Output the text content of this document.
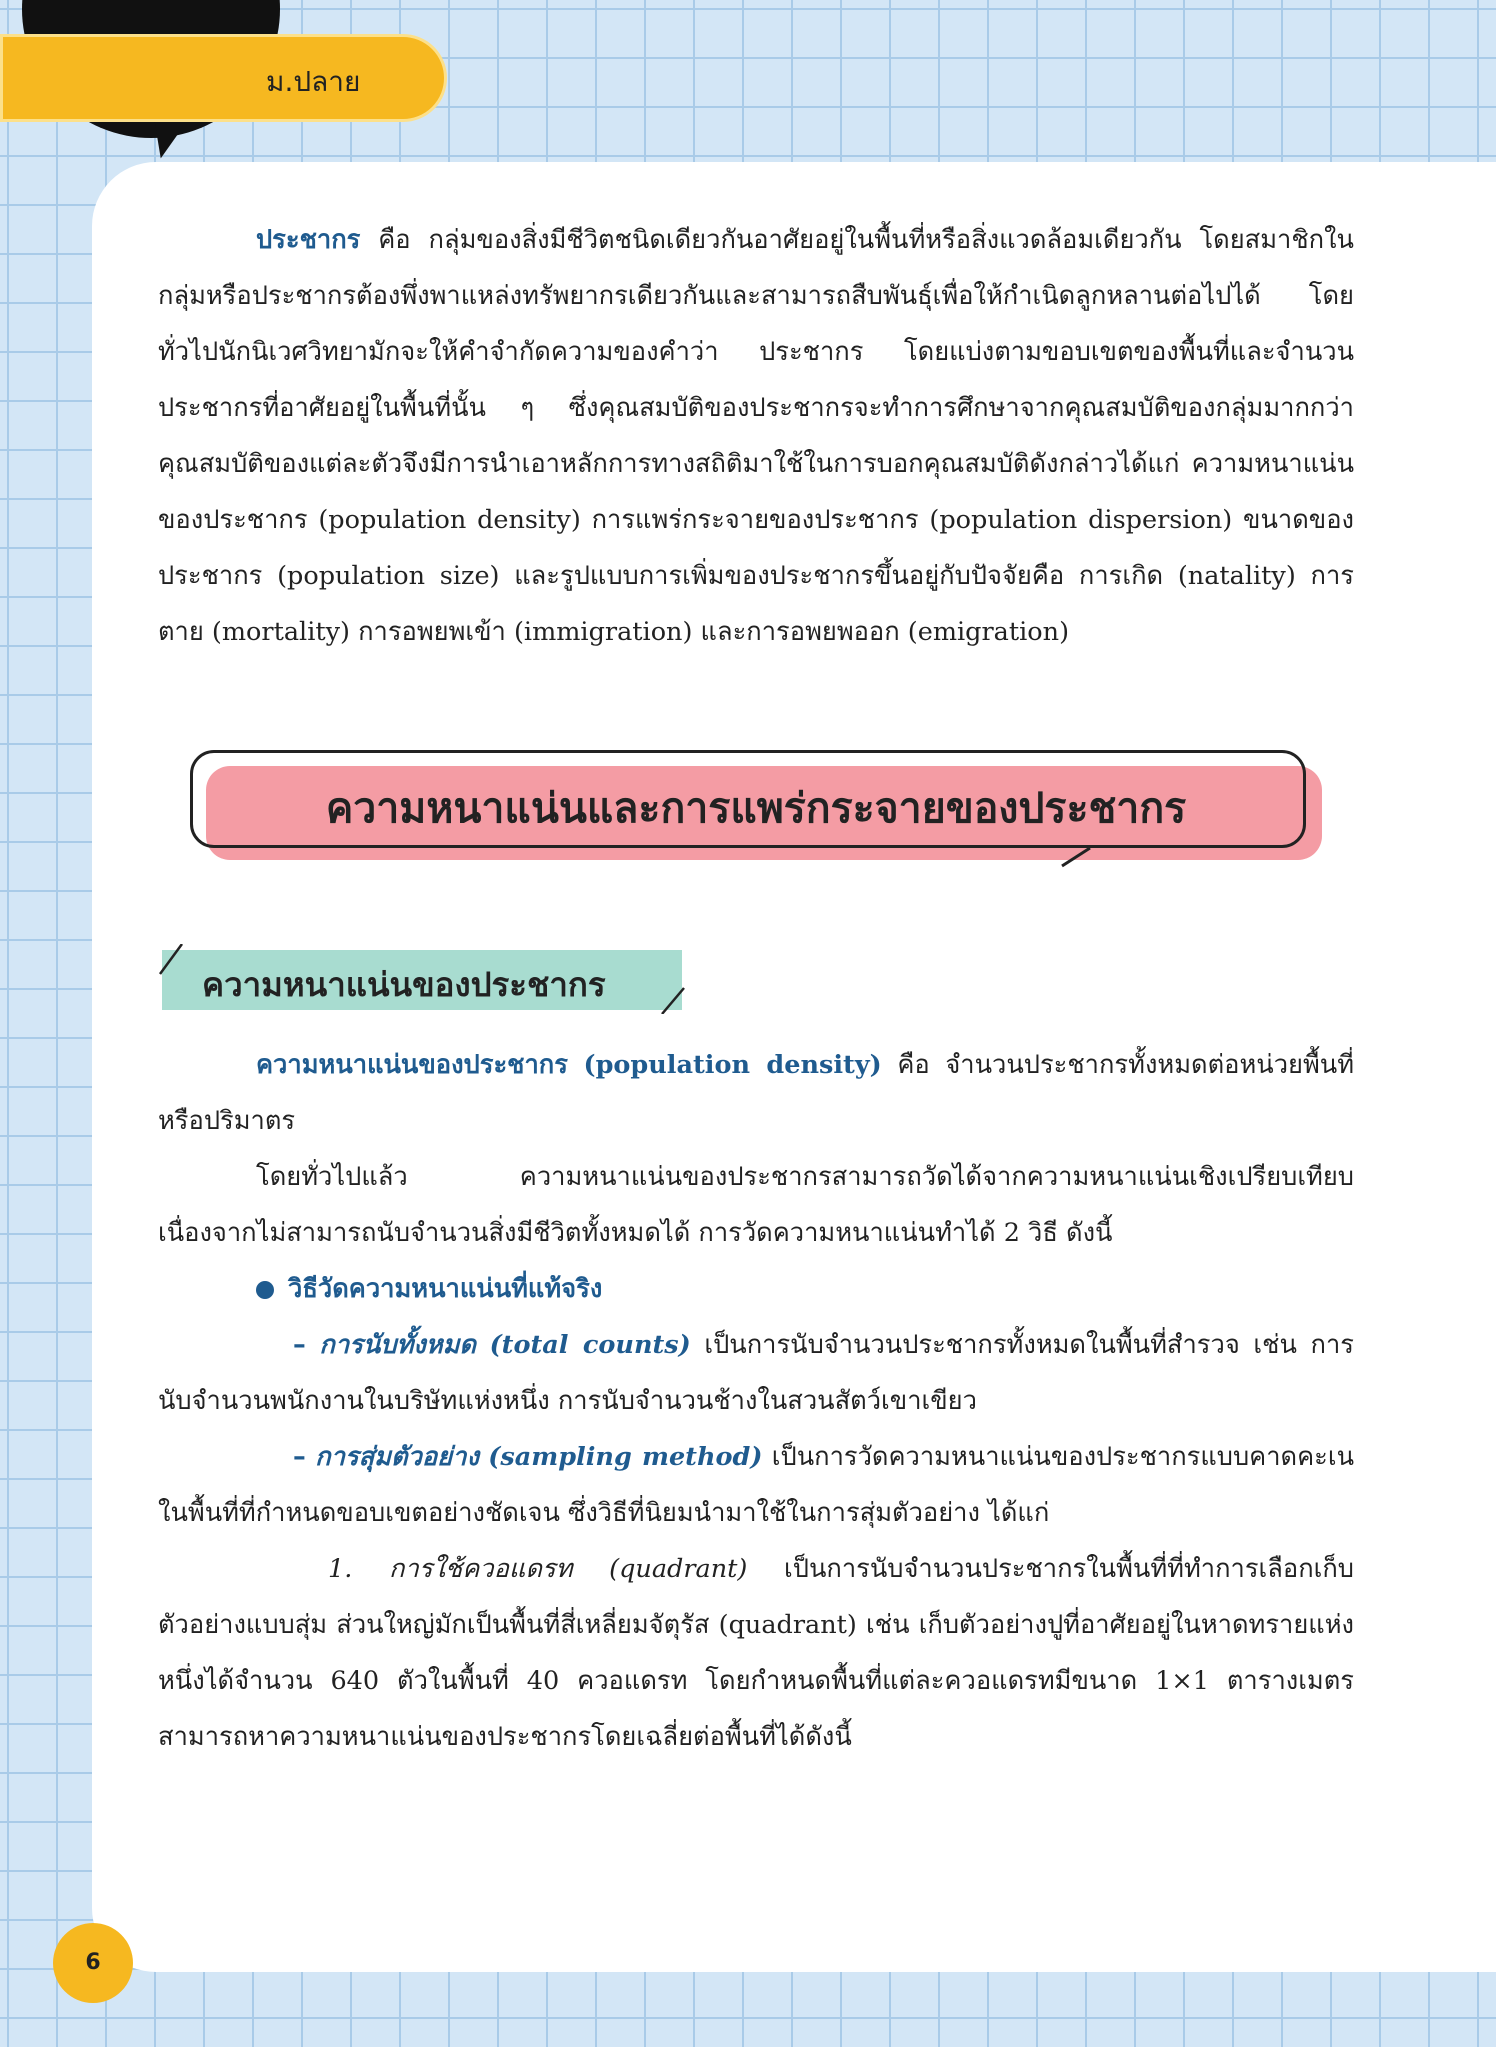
BIOLOGY ม.ปลาย

ประชากร คือ กลุ่มของสิ่งมีชีวิตชนิดเดียวกันอาศัยอยู่ในพื้นที่หรือสิ่งแวดล้อมเดียวกัน โดยสมาชิกในกลุ่มหรือประชากรต้องพึ่งพาแหล่งทรัพยากรเดียวกันและสามารถสืบพันธุ์เพื่อให้กำเนิดลูกหลานต่อไปได้ โดยทั่วไปนักนิเวศวิทยามักจะให้คำจำกัดความของคำว่า ประชากร โดยแบ่งตามขอบเขตของพื้นที่และจำนวนประชากรที่อาศัยอยู่ในพื้นที่นั้น ๆ ซึ่งคุณสมบัติของประชากรจะทำการศึกษาจากคุณสมบัติของกลุ่มมากกว่าคุณสมบัติของแต่ละตัวจึงมีการนำเอาหลักการทางสถิติมาใช้ในการบอกคุณสมบัติดังกล่าวได้แก่ ความหนาแน่นของประชากร (population density) การแพร่กระจายของประชากร (population dispersion) ขนาดของประชากร (population size) และรูปแบบการเพิ่มของประชากรขึ้นอยู่กับปัจจัยคือ การเกิด (natality) การตาย (mortality) การอพยพเข้า (immigration) และการอพยพออก (emigration)

ความหนาแน่นและการแพร่กระจายของประชากร
ความหนาแน่นของประชากร

ความหนาแน่นของประชากร (population density) คือ จำนวนประชากรทั้งหมดต่อหน่วยพื้นที่หรือปริมาตร

โดยทั่วไปแล้ว ความหนาแน่นของประชากรสามารถวัดได้จากความหนาแน่นเชิงเปรียบเทียบ เนื่องจากไม่สามารถนับจำนวนสิ่งมีชีวิตทั้งหมดได้ การวัดความหนาแน่นทำได้ 2 วิธี ดังนี้

วิธีวัดความหนาแน่นที่แท้จริง

– การนับทั้งหมด (total counts) เป็นการนับจำนวนประชากรทั้งหมดในพื้นที่สำรวจ เช่น การนับจำนวนพนักงานในบริษัทแห่งหนึ่ง การนับจำนวนช้างในสวนสัตว์เขาเขียว

– การสุ่มตัวอย่าง (sampling method) เป็นการวัดความหนาแน่นของประชากรแบบคาดคะเนในพื้นที่ที่กำหนดขอบเขตอย่างชัดเจน ซึ่งวิธีที่นิยมนำมาใช้ในการสุ่มตัวอย่าง ได้แก่

1. การใช้ควอแดรท (quadrant) เป็นการนับจำนวนประชากรในพื้นที่ที่ทำการเลือกเก็บตัวอย่างแบบสุ่ม ส่วนใหญ่มักเป็นพื้นที่สี่เหลี่ยมจัตุรัส (quadrant) เช่น เก็บตัวอย่างปูที่อาศัยอยู่ในหาดทรายแห่งหนึ่งได้จำนวน 640 ตัวในพื้นที่ 40 ควอแดรท โดยกำหนดพื้นที่แต่ละควอแดรทมีขนาด 1×1 ตารางเมตร สามารถหาความหนาแน่นของประชากรโดยเฉลี่ยต่อพื้นที่ได้ดังนี้

6
